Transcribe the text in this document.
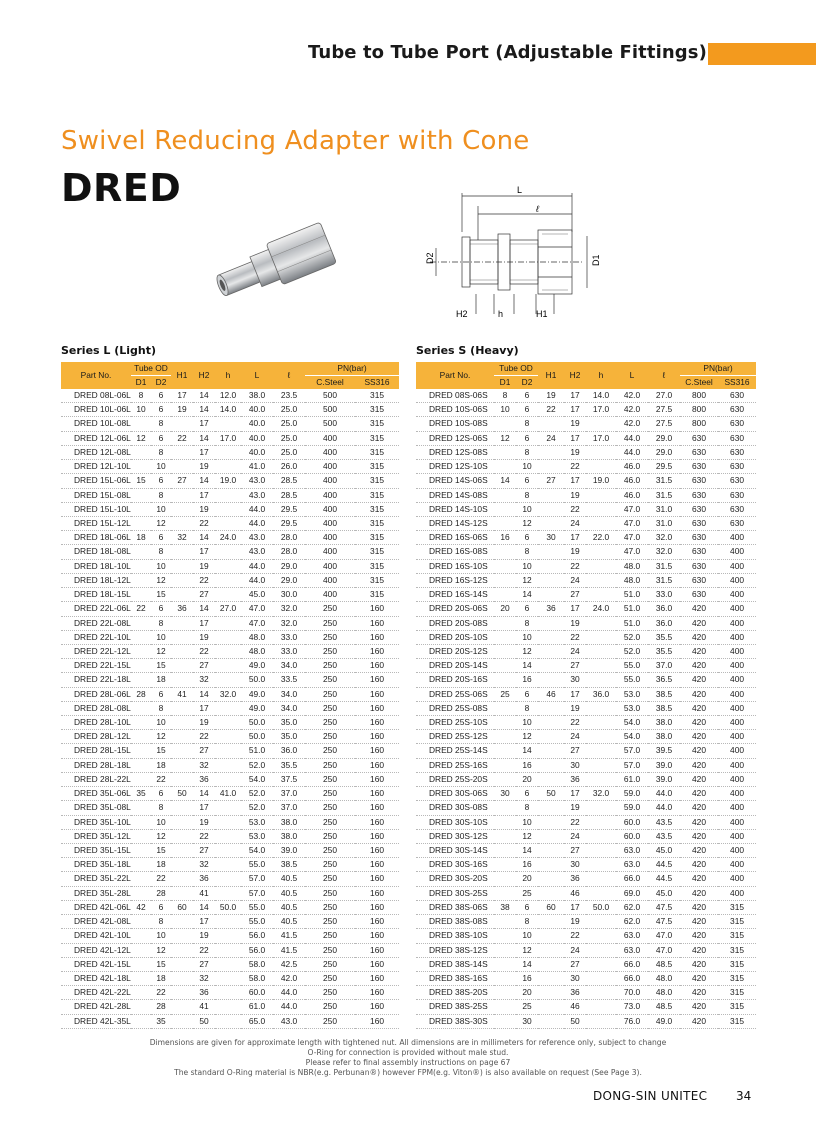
Tube to Tube Port (Adjustable Fittings)
Swivel Reducing Adapter with Cone
DRED	L
ℓ
D2	D1
H2	h	H1
Series L (Light)	Series S (Heavy)
Part No.	Tube OD		H1	H2	h	L	ℓ	PN(bar)	
	D1	D2						C.Steel	SS316
DRED 08L-06L	8	6	17	14	12.0	38.0	23.5	500	315
DRED 10L-06L	10	6	19	14	14.0	40.0	25.0	500	315
DRED 10L-08L		8		17		40.0	25.0	500	315
DRED 12L-06L	12	6	22	14	17.0	40.0	25.0	400	315
DRED 12L-08L		8		17		40.0	25.0	400	315
DRED 12L-10L		10		19		41.0	26.0	400	315
DRED 15L-06L	15	6	27	14	19.0	43.0	28.5	400	315
DRED 15L-08L		8		17		43.0	28.5	400	315
DRED 15L-10L		10		19		44.0	29.5	400	315
DRED 15L-12L		12		22		44.0	29.5	400	315
DRED 18L-06L	18	6	32	14	24.0	43.0	28.0	400	315
DRED 18L-08L		8		17		43.0	28.0	400	315
DRED 18L-10L		10		19		44.0	29.0	400	315
DRED 18L-12L		12		22		44.0	29.0	400	315
DRED 18L-15L		15		27		45.0	30.0	400	315
DRED 22L-06L	22	6	36	14	27.0	47.0	32.0	250	160
DRED 22L-08L		8		17		47.0	32.0	250	160
DRED 22L-10L		10		19		48.0	33.0	250	160
DRED 22L-12L		12		22		48.0	33.0	250	160
DRED 22L-15L		15		27		49.0	34.0	250	160
DRED 22L-18L		18		32		50.0	33.5	250	160
DRED 28L-06L	28	6	41	14	32.0	49.0	34.0	250	160
DRED 28L-08L		8		17		49.0	34.0	250	160
DRED 28L-10L		10		19		50.0	35.0	250	160
DRED 28L-12L		12		22		50.0	35.0	250	160
DRED 28L-15L		15		27		51.0	36.0	250	160
DRED 28L-18L		18		32		52.0	35.5	250	160
DRED 28L-22L		22		36		54.0	37.5	250	160
DRED 35L-06L	35	6	50	14	41.0	52.0	37.0	250	160
DRED 35L-08L		8		17		52.0	37.0	250	160
DRED 35L-10L		10		19		53.0	38.0	250	160
DRED 35L-12L		12		22		53.0	38.0	250	160
DRED 35L-15L		15		27		54.0	39.0	250	160
DRED 35L-18L		18		32		55.0	38.5	250	160
DRED 35L-22L		22		36		57.0	40.5	250	160
DRED 35L-28L		28		41		57.0	40.5	250	160
DRED 42L-06L	42	6	60	14	50.0	55.0	40.5	250	160
DRED 42L-08L		8		17		55.0	40.5	250	160
DRED 42L-10L		10		19		56.0	41.5	250	160
DRED 42L-12L		12		22		56.0	41.5	250	160
DRED 42L-15L		15		27		58.0	42.5	250	160
DRED 42L-18L		18		32		58.0	42.0	250	160
DRED 42L-22L		22		36		60.0	44.0	250	160
DRED 42L-28L		28		41		61.0	44.0	250	160
DRED 42L-35L		35		50		65.0	43.0	250	160
Part No.	Tube OD		H1	H2	h	L	ℓ	PN(bar)	
	D1	D2						C.Steel	SS316
DRED 08S-06S	8	6	19	17	14.0	42.0	27.0	800	630
DRED 10S-06S	10	6	22	17	17.0	42.0	27.5	800	630
DRED 10S-08S		8		19		42.0	27.5	800	630
DRED 12S-06S	12	6	24	17	17.0	44.0	29.0	630	630
DRED 12S-08S		8		19		44.0	29.0	630	630
DRED 12S-10S		10		22		46.0	29.5	630	630
DRED 14S-06S	14	6	27	17	19.0	46.0	31.5	630	630
DRED 14S-08S		8		19		46.0	31.5	630	630
DRED 14S-10S		10		22		47.0	31.0	630	630
DRED 14S-12S		12		24		47.0	31.0	630	630
DRED 16S-06S	16	6	30	17	22.0	47.0	32.0	630	400
DRED 16S-08S		8		19		47.0	32.0	630	400
DRED 16S-10S		10		22		48.0	31.5	630	400
DRED 16S-12S		12		24		48.0	31.5	630	400
DRED 16S-14S		14		27		51.0	33.0	630	400
DRED 20S-06S	20	6	36	17	24.0	51.0	36.0	420	400
DRED 20S-08S		8		19		51.0	36.0	420	400
DRED 20S-10S		10		22		52.0	35.5	420	400
DRED 20S-12S		12		24		52.0	35.5	420	400
DRED 20S-14S		14		27		55.0	37.0	420	400
DRED 20S-16S		16		30		55.0	36.5	420	400
DRED 25S-06S	25	6	46	17	36.0	53.0	38.5	420	400
DRED 25S-08S		8		19		53.0	38.5	420	400
DRED 25S-10S		10		22		54.0	38.0	420	400
DRED 25S-12S		12		24		54.0	38.0	420	400
DRED 25S-14S		14		27		57.0	39.5	420	400
DRED 25S-16S		16		30		57.0	39.0	420	400
DRED 25S-20S		20		36		61.0	39.0	420	400
DRED 30S-06S	30	6	50	17	32.0	59.0	44.0	420	400
DRED 30S-08S		8		19		59.0	44.0	420	400
DRED 30S-10S		10		22		60.0	43.5	420	400
DRED 30S-12S		12		24		60.0	43.5	420	400
DRED 30S-14S		14		27		63.0	45.0	420	400
DRED 30S-16S		16		30		63.0	44.5	420	400
DRED 30S-20S		20		36		66.0	44.5	420	400
DRED 30S-25S		25		46		69.0	45.0	420	400
DRED 38S-06S	38	6	60	17	50.0	62.0	47.5	420	315
DRED 38S-08S		8		19		62.0	47.5	420	315
DRED 38S-10S		10		22		63.0	47.0	420	315
DRED 38S-12S		12		24		63.0	47.0	420	315
DRED 38S-14S		14		27		66.0	48.5	420	315
DRED 38S-16S		16		30		66.0	48.0	420	315
DRED 38S-20S		20		36		70.0	48.0	420	315
DRED 38S-25S		25		46		73.0	48.5	420	315
DRED 38S-30S		30		50		76.0	49.0	420	315
Dimensions are given for approximate length with tightened nut. All dimensions are in millimeters for reference only, subject to change
O-Ring for connection is provided without male stud.
Please refer to final assembly instructions on page 67
The standard O-Ring material is NBR(e.g. Perbunan®) however FPM(e.g. Viton®) is also available on request (See Page 3).
DONG-SIN UNITEC 34
